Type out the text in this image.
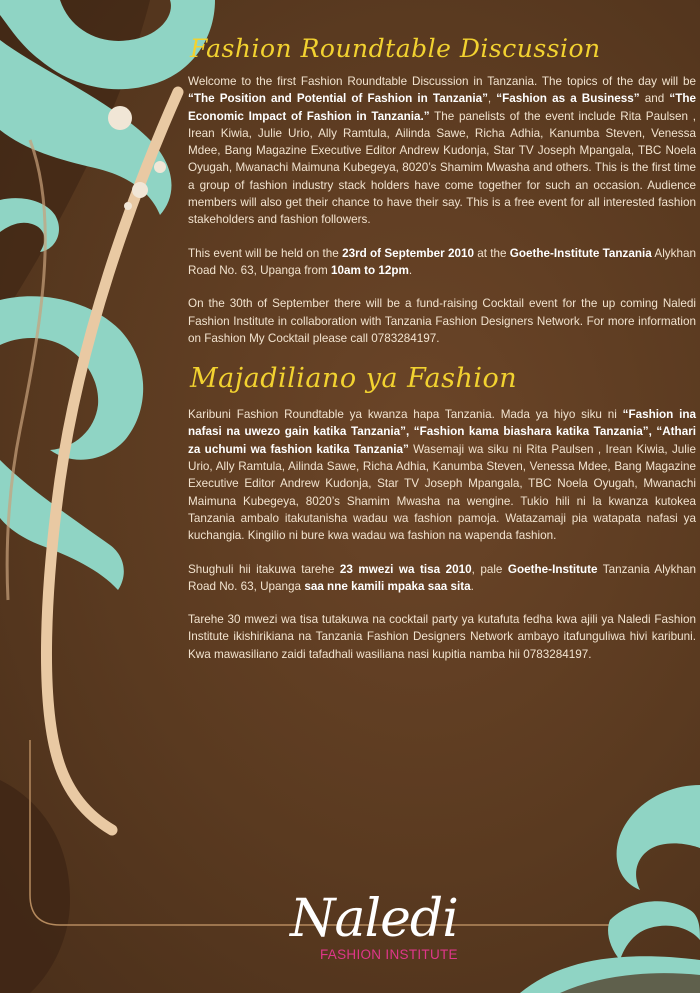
Fashion Roundtable Discussion

Welcome to the first Fashion Roundtable Discussion in Tanzania. The topics of the day will be “The Position and Potential of Fashion in Tanzania”, “Fashion as a Business” and “The Economic Impact of Fashion in Tanzania.” The panelists of the event include Rita Paulsen , Irean Kiwia, Julie Urio, Ally Ramtula, Ailinda Sawe, Richa Adhia, Kanumba Steven, Venessa Mdee, Bang Magazine Executive Editor Andrew Kudonja, Star TV Joseph Mpangala, TBC Noela Oyugah, Mwanachi Maimuna Kubegeya, 8020’s Shamim Mwasha and others. This is the first time a group of fashion industry stack holders have come together for such an occasion. Audience members will also get their chance to have their say. This is a free event for all interested fashion stakeholders and fashion followers.

This event will be held on the 23rd of September 2010 at the Goethe-Institute Tanzania Alykhan Road No. 63, Upanga from 10am to 12pm.

On the 30th of September there will be a fund-raising Cocktail event for the up coming Naledi Fashion Institute in collaboration with Tanzania Fashion Designers Network. For more information on Fashion My Cocktail please call 0783284197.

Majadiliano ya Fashion

Karibuni Fashion Roundtable ya kwanza hapa Tanzania. Mada ya hiyo siku ni “Fashion ina nafasi na uwezo gain katika Tanzania”, “Fashion kama biashara katika Tanzania”, “Athari za uchumi wa fashion katika Tanzania” Wasemaji wa siku ni Rita Paulsen , Irean Kiwia, Julie Urio, Ally Ramtula, Ailinda Sawe, Richa Adhia, Kanumba Steven, Venessa Mdee, Bang Magazine Executive Editor Andrew Kudonja, Star TV Joseph Mpangala, TBC Noela Oyugah, Mwanachi Maimuna Kubegeya, 8020’s Shamim Mwasha na wengine. Tukio hili ni la kwanza kutokea Tanzania ambalo itakutanisha wadau wa fashion pamoja. Watazamaji pia watapata nafasi ya kuchangia. Kingilio ni bure kwa wadau wa fashion na wapenda fashion.

Shughuli hii itakuwa tarehe 23 mwezi wa tisa 2010, pale Goethe-Institute Tanzania Alykhan Road No. 63, Upanga saa nne kamili mpaka saa sita.

Tarehe 30 mwezi wa tisa tutakuwa na cocktail party ya kutafuta fedha kwa ajili ya Naledi Fashion Institute ikishirikiana na Tanzania Fashion Designers Network ambayo itafunguliwa hivi karibuni. Kwa mawasiliano zaidi tafadhali wasiliana nasi kupitia namba hii 0783284197.

Naledi
FASHION INSTITUTE
